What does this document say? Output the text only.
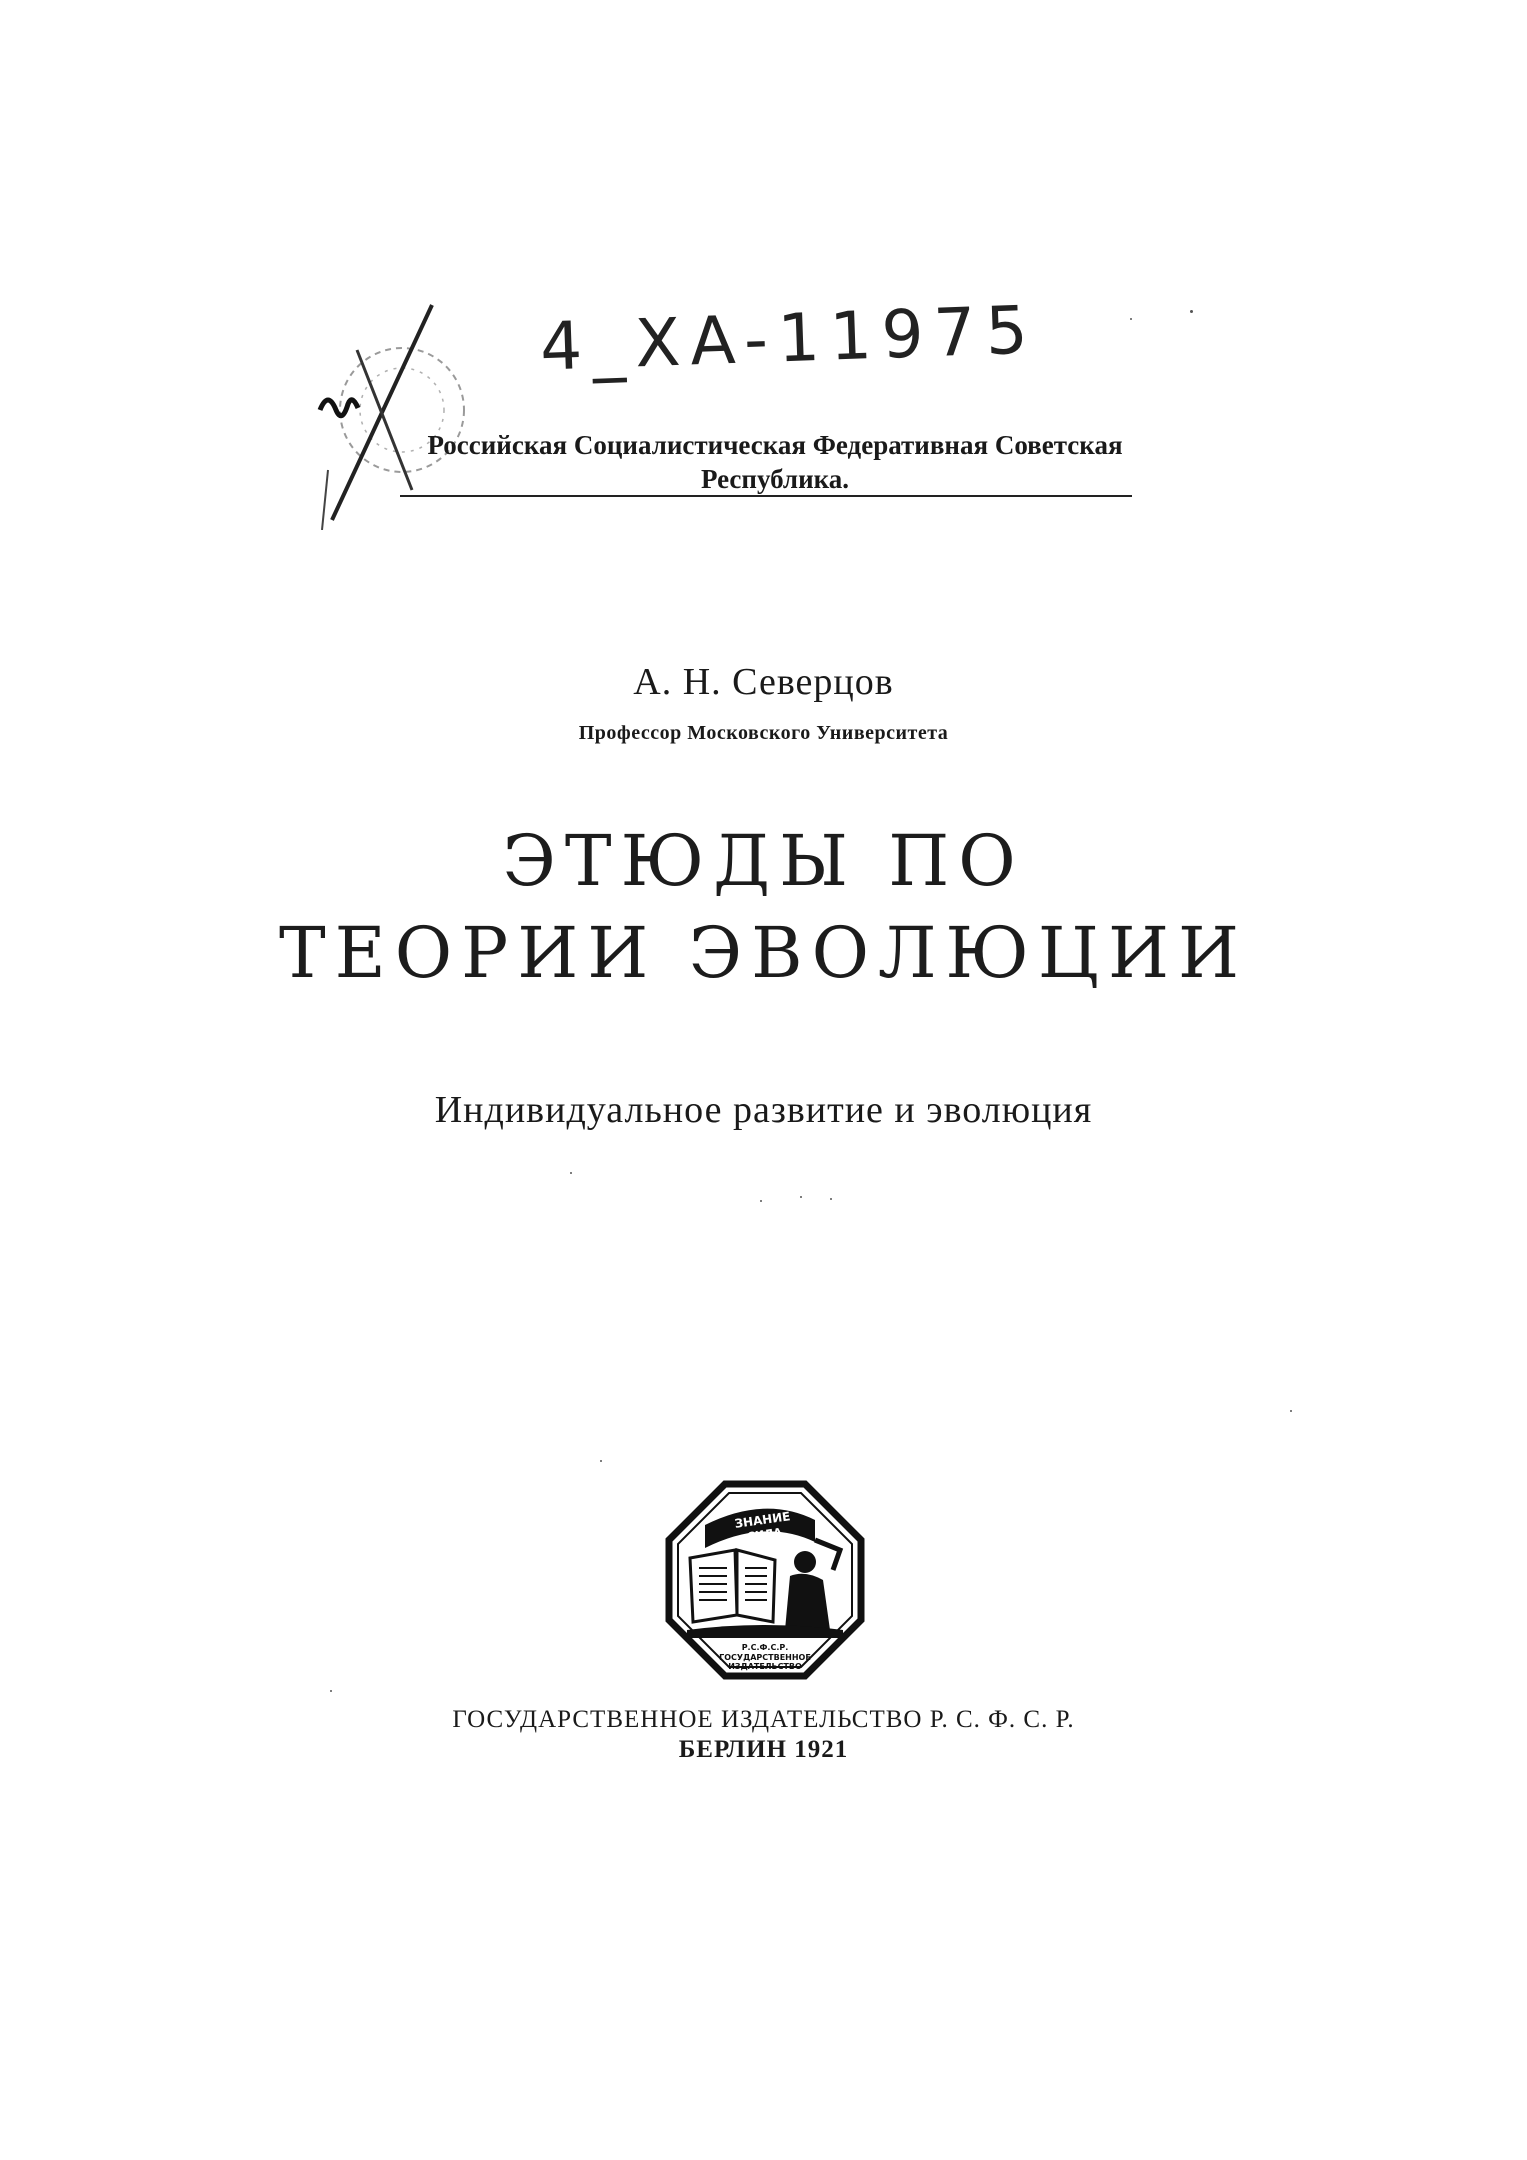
4_XA-11975
Российская Социалистическая Федеративная Советская
Республика.
А. Н. Северцов
Профессор Московского Университета
ЭТЮДЫ ПО
ТЕОРИИ ЭВОЛЮЦИИ
Индивидуальное развитие и эволюция
ЗНАНИЕ
СИЛА
Р.С.Ф.С.Р.
ГОСУДАРСТВЕННОЕ
ИЗДАТЕЛЬСТВО
ГОСУДАРСТВЕННОЕ ИЗДАТЕЛЬСТВО Р. С. Ф. С. Р.
БЕРЛИН 1921
